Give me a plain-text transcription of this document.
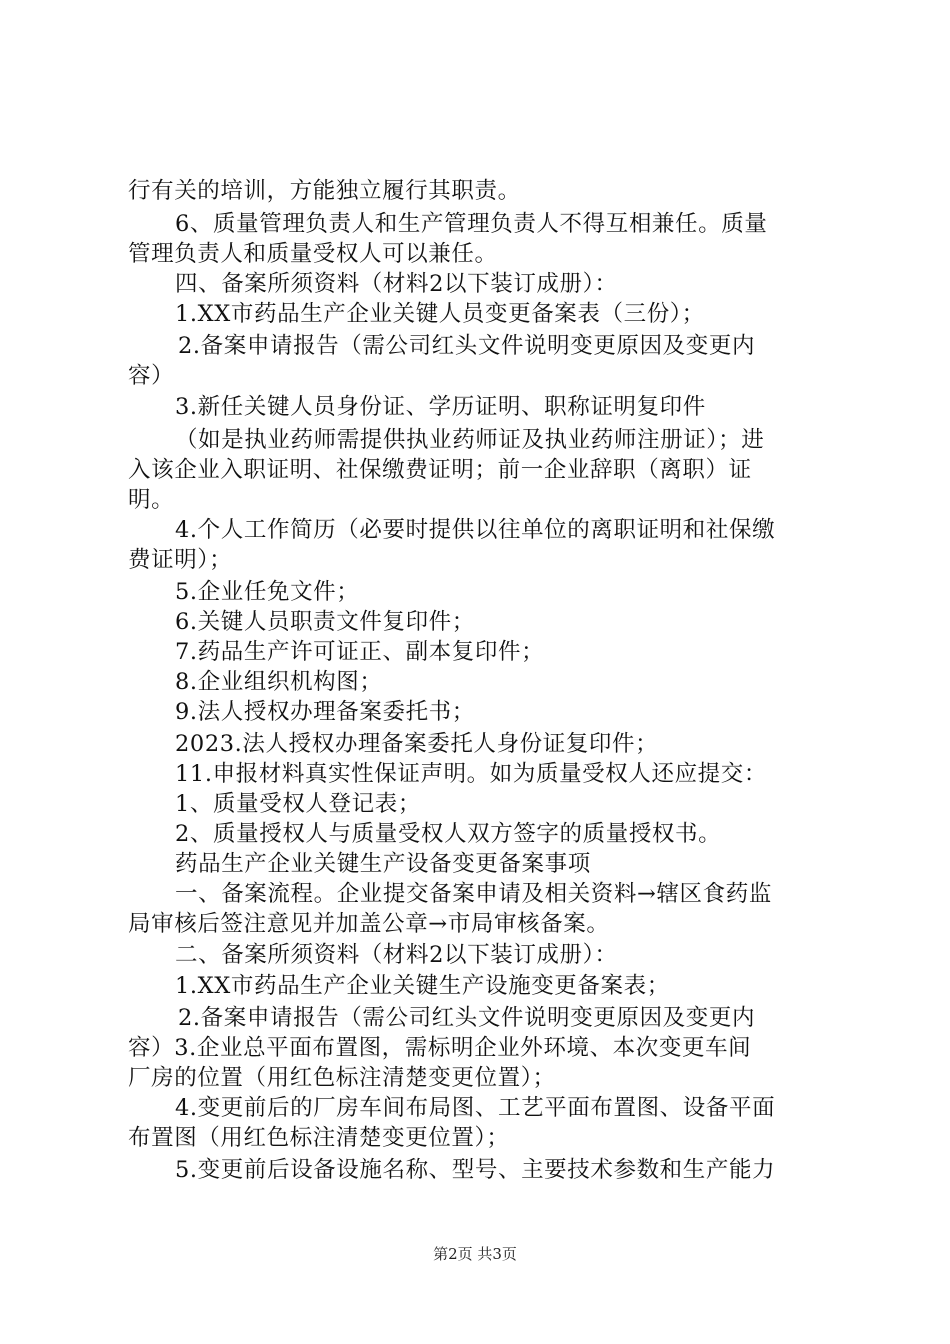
行有关的培训，方能独立履行其职责。
6、质量管理负责人和生产管理负责人不得互相兼任。质量
管理负责人和质量受权人可以兼任。
四、备案所须资料（材料2以下装订成册）：
1.XX市药品生产企业关键人员变更备案表（三份）；
2.备案申请报告（需公司红头文件说明变更原因及变更内
容）
3.新任关键人员身份证、学历证明、职称证明复印件
（如是执业药师需提供执业药师证及执业药师注册证）；进
入该企业入职证明、社保缴费证明；前一企业辞职（离职）证
明。
4.个人工作简历（必要时提供以往单位的离职证明和社保缴
费证明）；
5.企业任免文件；
6.关键人员职责文件复印件；
7.药品生产许可证正、副本复印件；
8.企业组织机构图；
9.法人授权办理备案委托书；
2023.法人授权办理备案委托人身份证复印件；
11.申报材料真实性保证声明。如为质量受权人还应提交：
1、质量受权人登记表；
2、质量授权人与质量受权人双方签字的质量授权书。
药品生产企业关键生产设备变更备案事项
一、备案流程。企业提交备案申请及相关资料→辖区食药监
局审核后签注意见并加盖公章→市局审核备案。
二、备案所须资料（材料2以下装订成册）：
1.XX市药品生产企业关键生产设施变更备案表；
2.备案申请报告（需公司红头文件说明变更原因及变更内
容）3.企业总平面布置图，需标明企业外环境、本次变更车间
厂房的位置（用红色标注清楚变更位置）；
4.变更前后的厂房车间布局图、工艺平面布置图、设备平面
布置图（用红色标注清楚变更位置）；
5.变更前后设备设施名称、型号、主要技术参数和生产能力
第2页 共3页
